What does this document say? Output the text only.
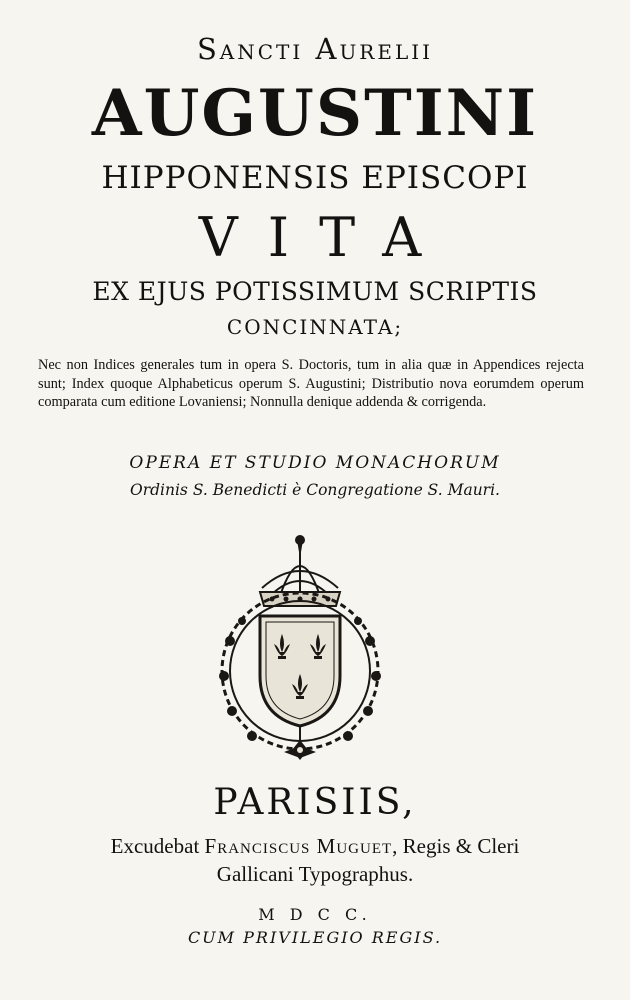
Sancti Aurelii
AUGUSTINI
HIPPONENSIS EPISCOPI
VITA
EX EJUS POTISSIMUM SCRIPTIS
CONCINNATA;
Nec non Indices generales tum in opera S. Doctoris, tum in alia quæ in Appendices rejecta sunt; Index quoque Alphabeticus operum S. Augustini; Distributio nova eorumdem operum comparata cum editione Lovaniensi; Nonnulla denique addenda & corrigenda.
OPERA ET STUDIO MONACHORUM
Ordinis S. Benedicti è Congregatione S. Mauri.
PARISIIS,
Excudebat Franciscus Muguet, Regis & Cleri
Gallicani Typographus.
M D C C.
CUM PRIVILEGIO REGIS.
